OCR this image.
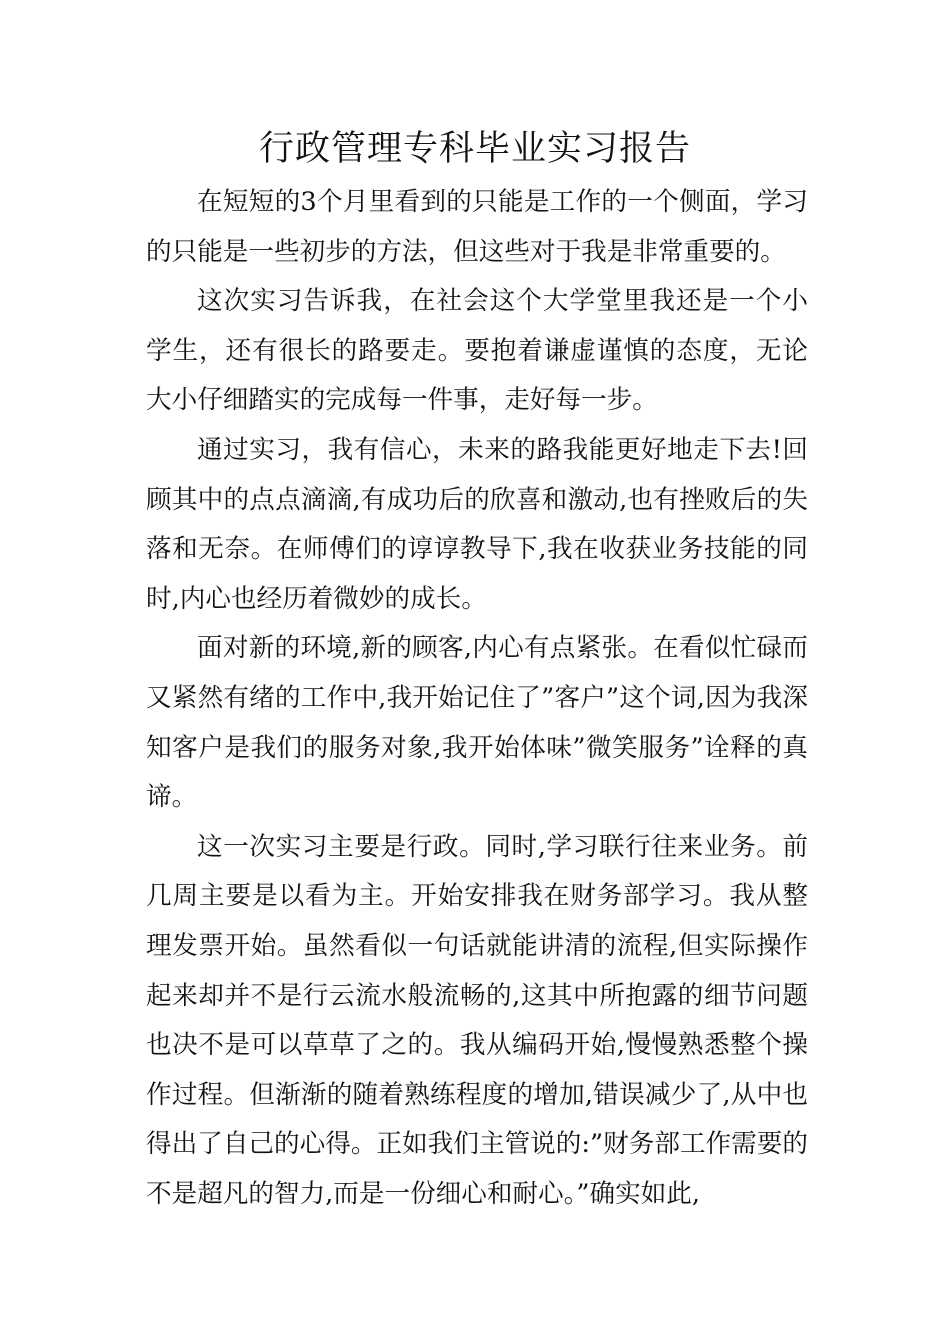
行政管理专科毕业实习报告

在短短的3个月里看到的只能是工作的一个侧面，学习的只能是一些初步的方法，但这些对于我是非常重要的。

这次实习告诉我，在社会这个大学堂里我还是一个小学生，还有很长的路要走。要抱着谦虚谨慎的态度，无论大小仔细踏实的完成每一件事，走好每一步。

通过实习，我有信心，未来的路我能更好地走下去!回顾其中的点点滴滴,有成功后的欣喜和激动,也有挫败后的失落和无奈。在师傅们的谆谆教导下,我在收获业务技能的同时,内心也经历着微妙的成长。

面对新的环境,新的顾客,内心有点紧张。在看似忙碌而又紧然有绪的工作中,我开始记住了”客户”这个词,因为我深知客户是我们的服务对象,我开始体味”微笑服务”诠释的真谛。

这一次实习主要是行政。同时,学习联行往来业务。前几周主要是以看为主。开始安排我在财务部学习。我从整理发票开始。虽然看似一句话就能讲清的流程,但实际操作起来却并不是行云流水般流畅的,这其中所抱露的细节问题也决不是可以草草了之的。我从编码开始,慢慢熟悉整个操作过程。但渐渐的随着熟练程度的增加,错误减少了,从中也得出了自己的心得。正如我们主管说的:”财务部工作需要的不是超凡的智力,而是一份细心和耐心。”确实如此,
